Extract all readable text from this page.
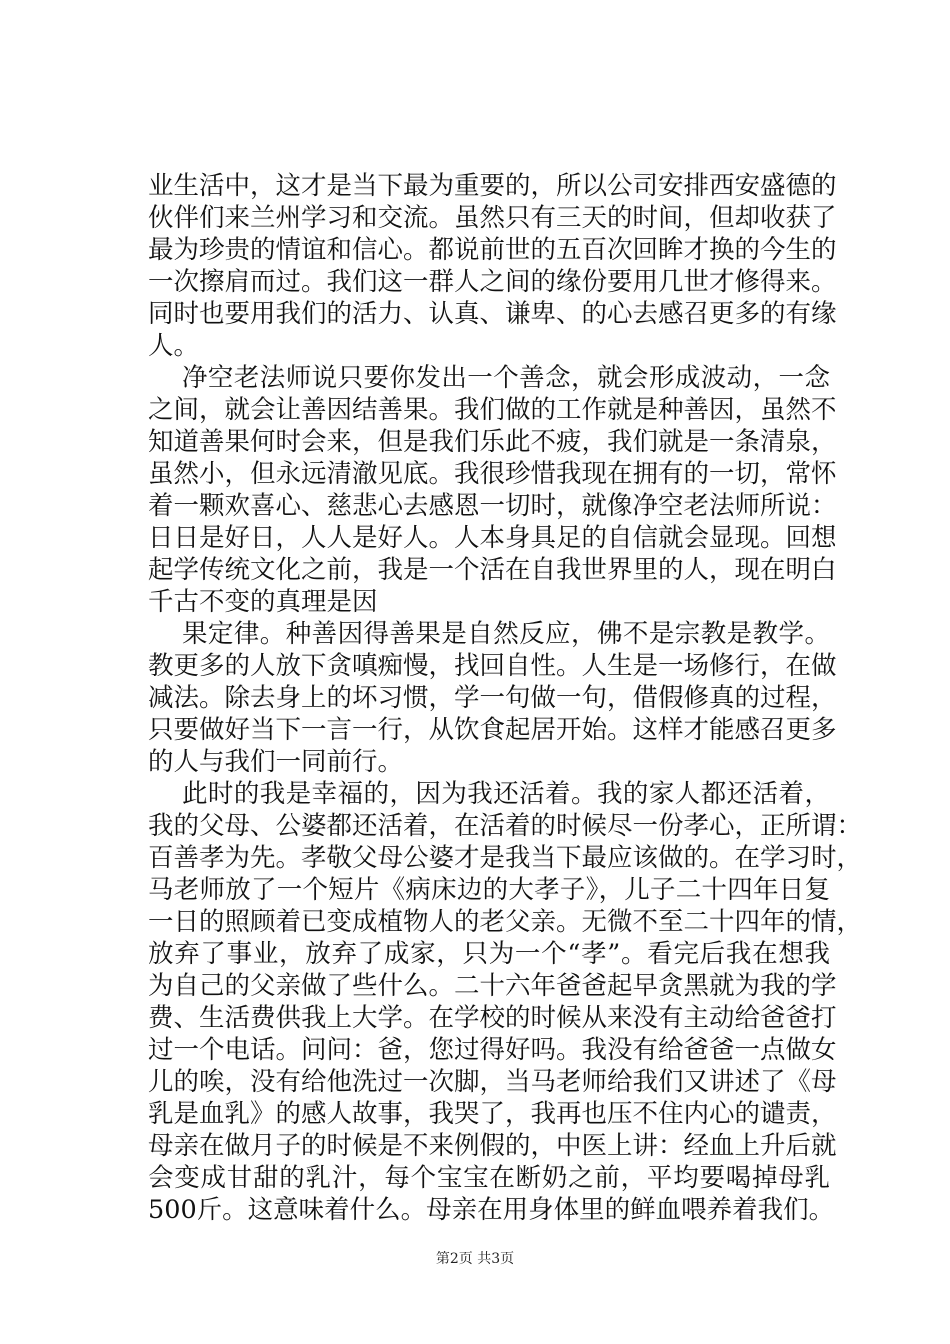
业生活中，这才是当下最为重要的，所以公司安排西安盛德的
伙伴们来兰州学习和交流。虽然只有三天的时间，但却收获了
最为珍贵的情谊和信心。都说前世的五百次回眸才换的今生的
一次擦肩而过。我们这一群人之间的缘份要用几世才修得来。
同时也要用我们的活力、认真、谦卑、的心去感召更多的有缘
人。
净空老法师说只要你发出一个善念，就会形成波动，一念
之间，就会让善因结善果。我们做的工作就是种善因，虽然不
知道善果何时会来，但是我们乐此不疲，我们就是一条清泉，
虽然小，但永远清澈见底。我很珍惜我现在拥有的一切，常怀
着一颗欢喜心、慈悲心去感恩一切时，就像净空老法师所说：
日日是好日，人人是好人。人本身具足的自信就会显现。回想
起学传统文化之前，我是一个活在自我世界里的人，现在明白
千古不变的真理是因
果定律。种善因得善果是自然反应，佛不是宗教是教学。
教更多的人放下贪嗔痴慢，找回自性。人生是一场修行，在做
减法。除去身上的坏习惯，学一句做一句，借假修真的过程，
只要做好当下一言一行，从饮食起居开始。这样才能感召更多
的人与我们一同前行。
此时的我是幸福的，因为我还活着。我的家人都还活着，
我的父母、公婆都还活着，在活着的时候尽一份孝心，正所谓：
百善孝为先。孝敬父母公婆才是我当下最应该做的。在学习时，
马老师放了一个短片《病床边的大孝子》，儿子二十四年日复
一日的照顾着已变成植物人的老父亲。无微不至二十四年的情，
放弃了事业，放弃了成家，只为一个“孝”。看完后我在想我
为自己的父亲做了些什么。二十六年爸爸起早贪黑就为我的学
费、生活费供我上大学。在学校的时候从来没有主动给爸爸打
过一个电话。问问：爸，您过得好吗。我没有给爸爸一点做女
儿的唉，没有给他洗过一次脚，当马老师给我们又讲述了《母
乳是血乳》的感人故事，我哭了，我再也压不住内心的谴责，
母亲在做月子的时候是不来例假的，中医上讲：经血上升后就
会变成甘甜的乳汁，每个宝宝在断奶之前，平均要喝掉母乳
500斤。这意味着什么。母亲在用身体里的鲜血喂养着我们。
第2页 共3页
